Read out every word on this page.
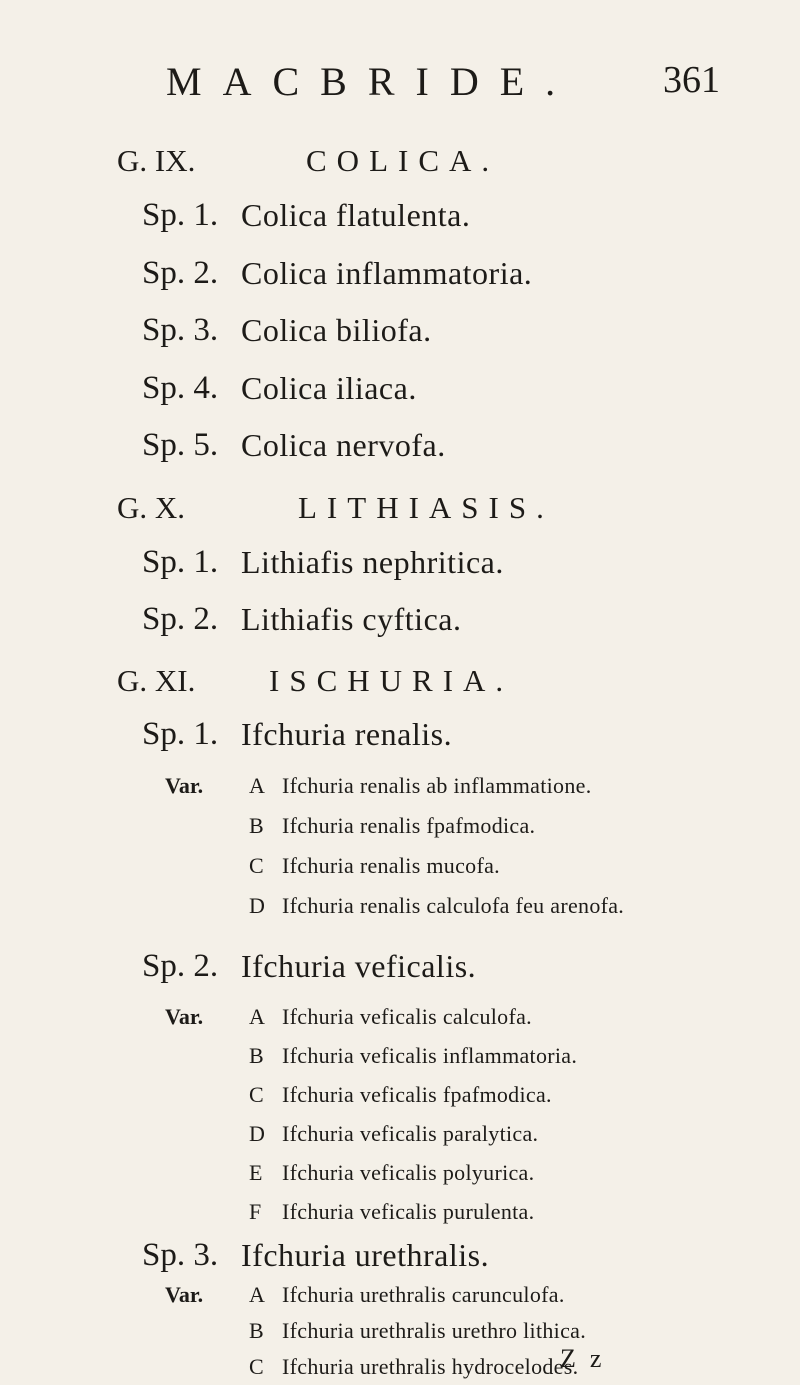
MACBRIDE. 361
G. IX.	COLICA.
Sp. 1. Colica flatulenta.
Sp. 2. Colica inflammatoria.
Sp. 3. Colica biliofa.
Sp. 4. Colica iliaca.
Sp. 5. Colica nervofa.
G. X.	LITHIASIS.
Sp. 1. Lithiafis nephritica.
Sp. 2. Lithiafis cyftica.
G. XI. ISCHURIA.
Sp. 1. Ifchuria renalis.
Var. A Ifchuria renalis ab inflammatione.
B Ifchuria renalis fpafmodica.
C Ifchuria renalis mucofa.
D Ifchuria renalis calculofa feu arenofa.
Sp. 2. Ifchuria veficalis.
Var. A Ifchuria veficalis calculofa.
B Ifchuria veficalis inflammatoria.
C Ifchuria veficalis fpafmodica.
D Ifchuria veficalis paralytica.
E Ifchuria veficalis polyurica.
F Ifchuria veficalis purulenta.
Sp. 3. Ifchuria urethralis.
Var. A Ifchuria urethralis carunculofa.
Zz
B Ifchuria urethralis urethro lithica.
C Ifchuria urethralis hydrocelodes.
